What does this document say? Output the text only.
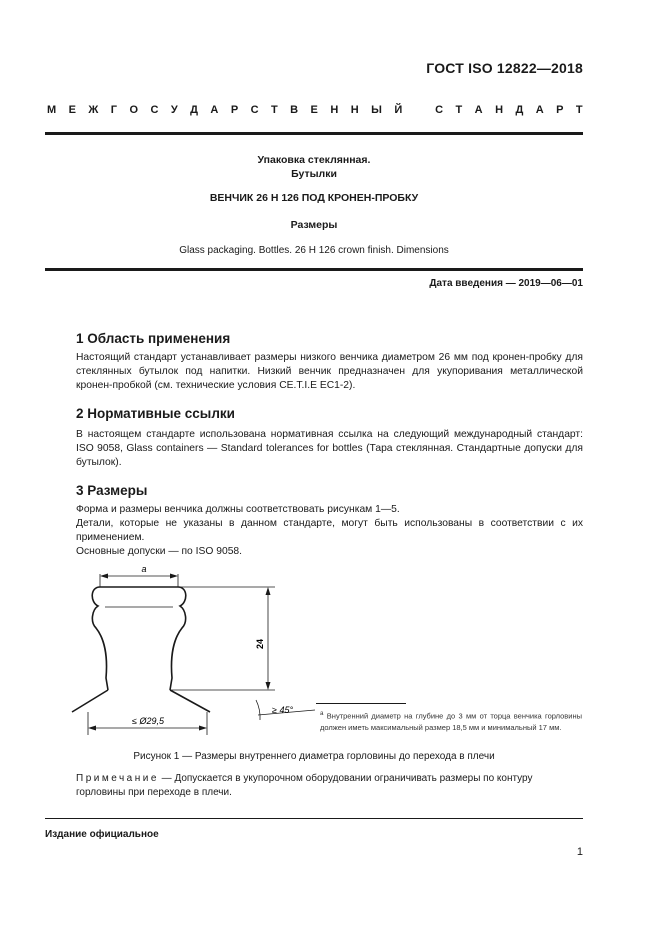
ГОСТ ISO 12822—2018
М Е Ж Г О С У Д А Р С Т В Е Н Н Ы Й	С Т А Н Д А Р Т
Упаковка стеклянная.
Бутылки
ВЕНЧИК 26 Н 126 ПОД КРОНЕН-ПРОБКУ
Размеры
Glass packaging. Bottles. 26 H 126 crown finish. Dimensions
Дата введения — 2019—06—01
1 Область применения

Настоящий стандарт устанавливает размеры низкого венчика диаметром 26 мм под кронен-пробку для стеклянных бутылок под напитки. Низкий венчик предназначен для укупоривания металлической кронен-пробкой (см. технические условия CE.T.I.E EC1-2).

2 Нормативные ссылки

В настоящем стандарте использована нормативная ссылка на следующий международный стандарт: ISO 9058, Glass containers — Standard tolerances for bottles (Тара стеклянная. Стандартные допуски для бутылок).

3 Размеры

Форма и размеры венчика должны соответствовать рисункам 1—5.

Детали, которые не указаны в данном стандарте, могут быть использованы в соответствии с их применением.

Основные допуски — по ISO 9058.

a
24
≤ Ø29,5
≥ 45°	$^a$ Внутренний диаметр на глубине до 3 мм от торца венчика горловины должен иметь максимальный размер 18,5 мм и минимальный 17 мм.
Рисунок 1 — Размеры внутреннего диаметра горловины до перехода в плечи
Примечание — Допускается в укупорочном оборудовании ограничивать размеры по контуру горловины при переходе в плечи.
Издание официальное
1
